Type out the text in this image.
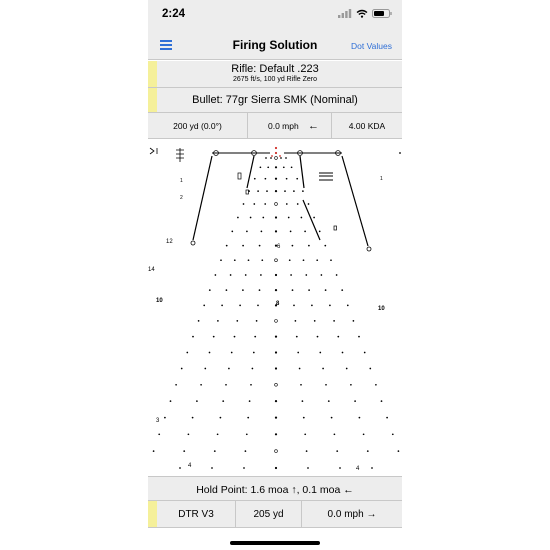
2:24
Firing Solution	Dot Values
Rifle: Default .223
2675 ft/s, 100 yd Rifle Zero
Bullet: 77gr Sierra SMK (Nominal)
200 yd (0.0°)	0.0 mph ←	4.00 KDA
12
14
10
10
8
6
3
4	4
1
2
1
Hold Point: 1.6 moa ↑, 0.1 moa ←
DTR V3	205 yd	0.0 mph →
